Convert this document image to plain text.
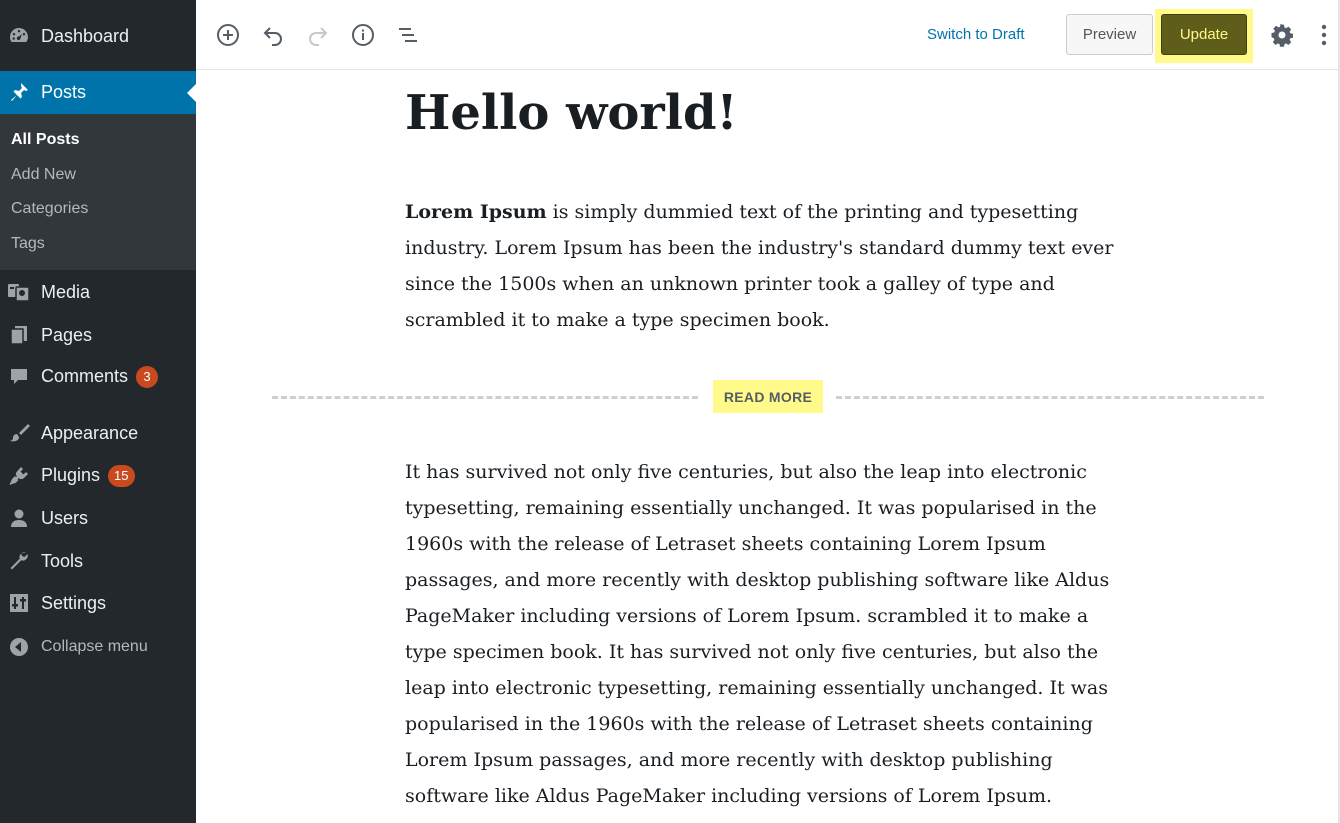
Dashboard
Posts
All Posts
Add New
Categories
Tags
Media
Pages
Comments 3
Appearance
Plugins 15
Users
Tools
Settings
Collapse menu
Switch to Draft	Preview	Update
Hello world!

Lorem Ipsum is simply dummied text of the printing and typesetting industry. Lorem Ipsum has been the industry's standard dummy text ever since the 1500s when an unknown printer took a galley of type and scrambled it to make a type specimen book.

READ MORE

It has survived not only five centuries, but also the leap into electronic typesetting, remaining essentially unchanged. It was popularised in the 1960s with the release of Letraset sheets containing Lorem Ipsum passages, and more recently with desktop publishing software like Aldus PageMaker including versions of Lorem Ipsum. scrambled it to make a type specimen book. It has survived not only five centuries, but also the leap into electronic typesetting, remaining essentially unchanged. It was popularised in the 1960s with the release of Letraset sheets containing Lorem Ipsum passages, and more recently with desktop publishing software like Aldus PageMaker including versions of Lorem Ipsum.
